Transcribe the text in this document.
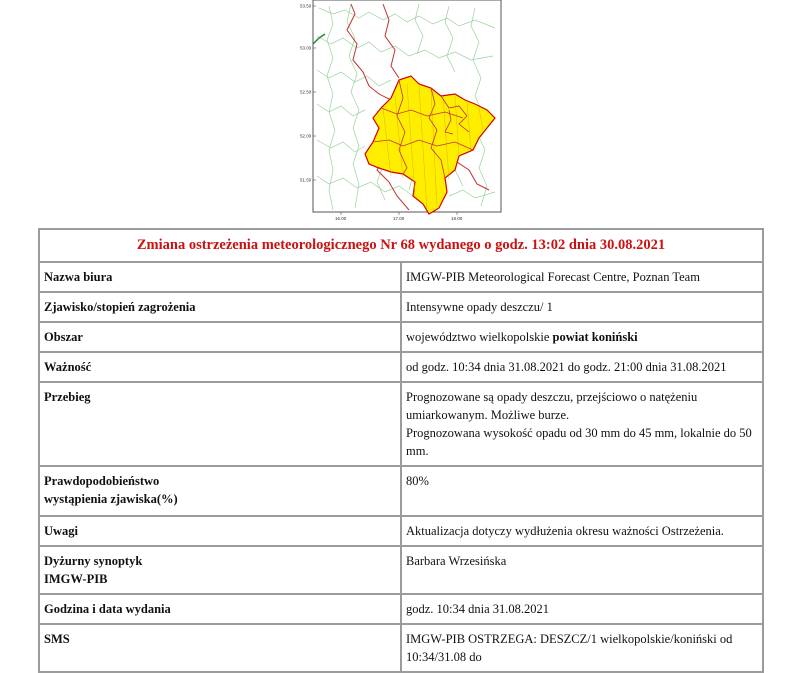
53.50
53.00
52.50
52.00
51.50
16.00	17.00	18.00
Zmiana ostrzeżenia meteorologicznego Nr 68 wydanego o godz. 13:02 dnia 30.08.2021	
Nazwa biura	IMGW-PIB Meteorological Forecast Centre, Poznan Team
Zjawisko/stopień zagrożenia	Intensywne opady deszczu/ 1
Obszar	województwo wielkopolskie powiat koniński
Ważność	od godz. 10:34 dnia 31.08.2021 do godz. 21:00 dnia 31.08.2021
Przebieg	Prognozowane są opady deszczu, przejściowo o natężeniu umiarkowanym. Możliwe burze.
Prognozowana wysokość opadu od 30 mm do 45 mm, lokalnie do 50 mm.

Prawdopodobieństwo
wystąpienia zjawiska(%)	80%
Uwagi	Aktualizacja dotyczy wydłużenia okresu ważności Ostrzeżenia.

Dyżurny synoptyk
IMGW-PIB	Barbara Wrzesińska
Godzina i data wydania	godz. 10:34 dnia 31.08.2021
SMS	IMGW-PIB OSTRZEGA: DESZCZ/1 wielkopolskie/koniński od 10:34/31.08 do
